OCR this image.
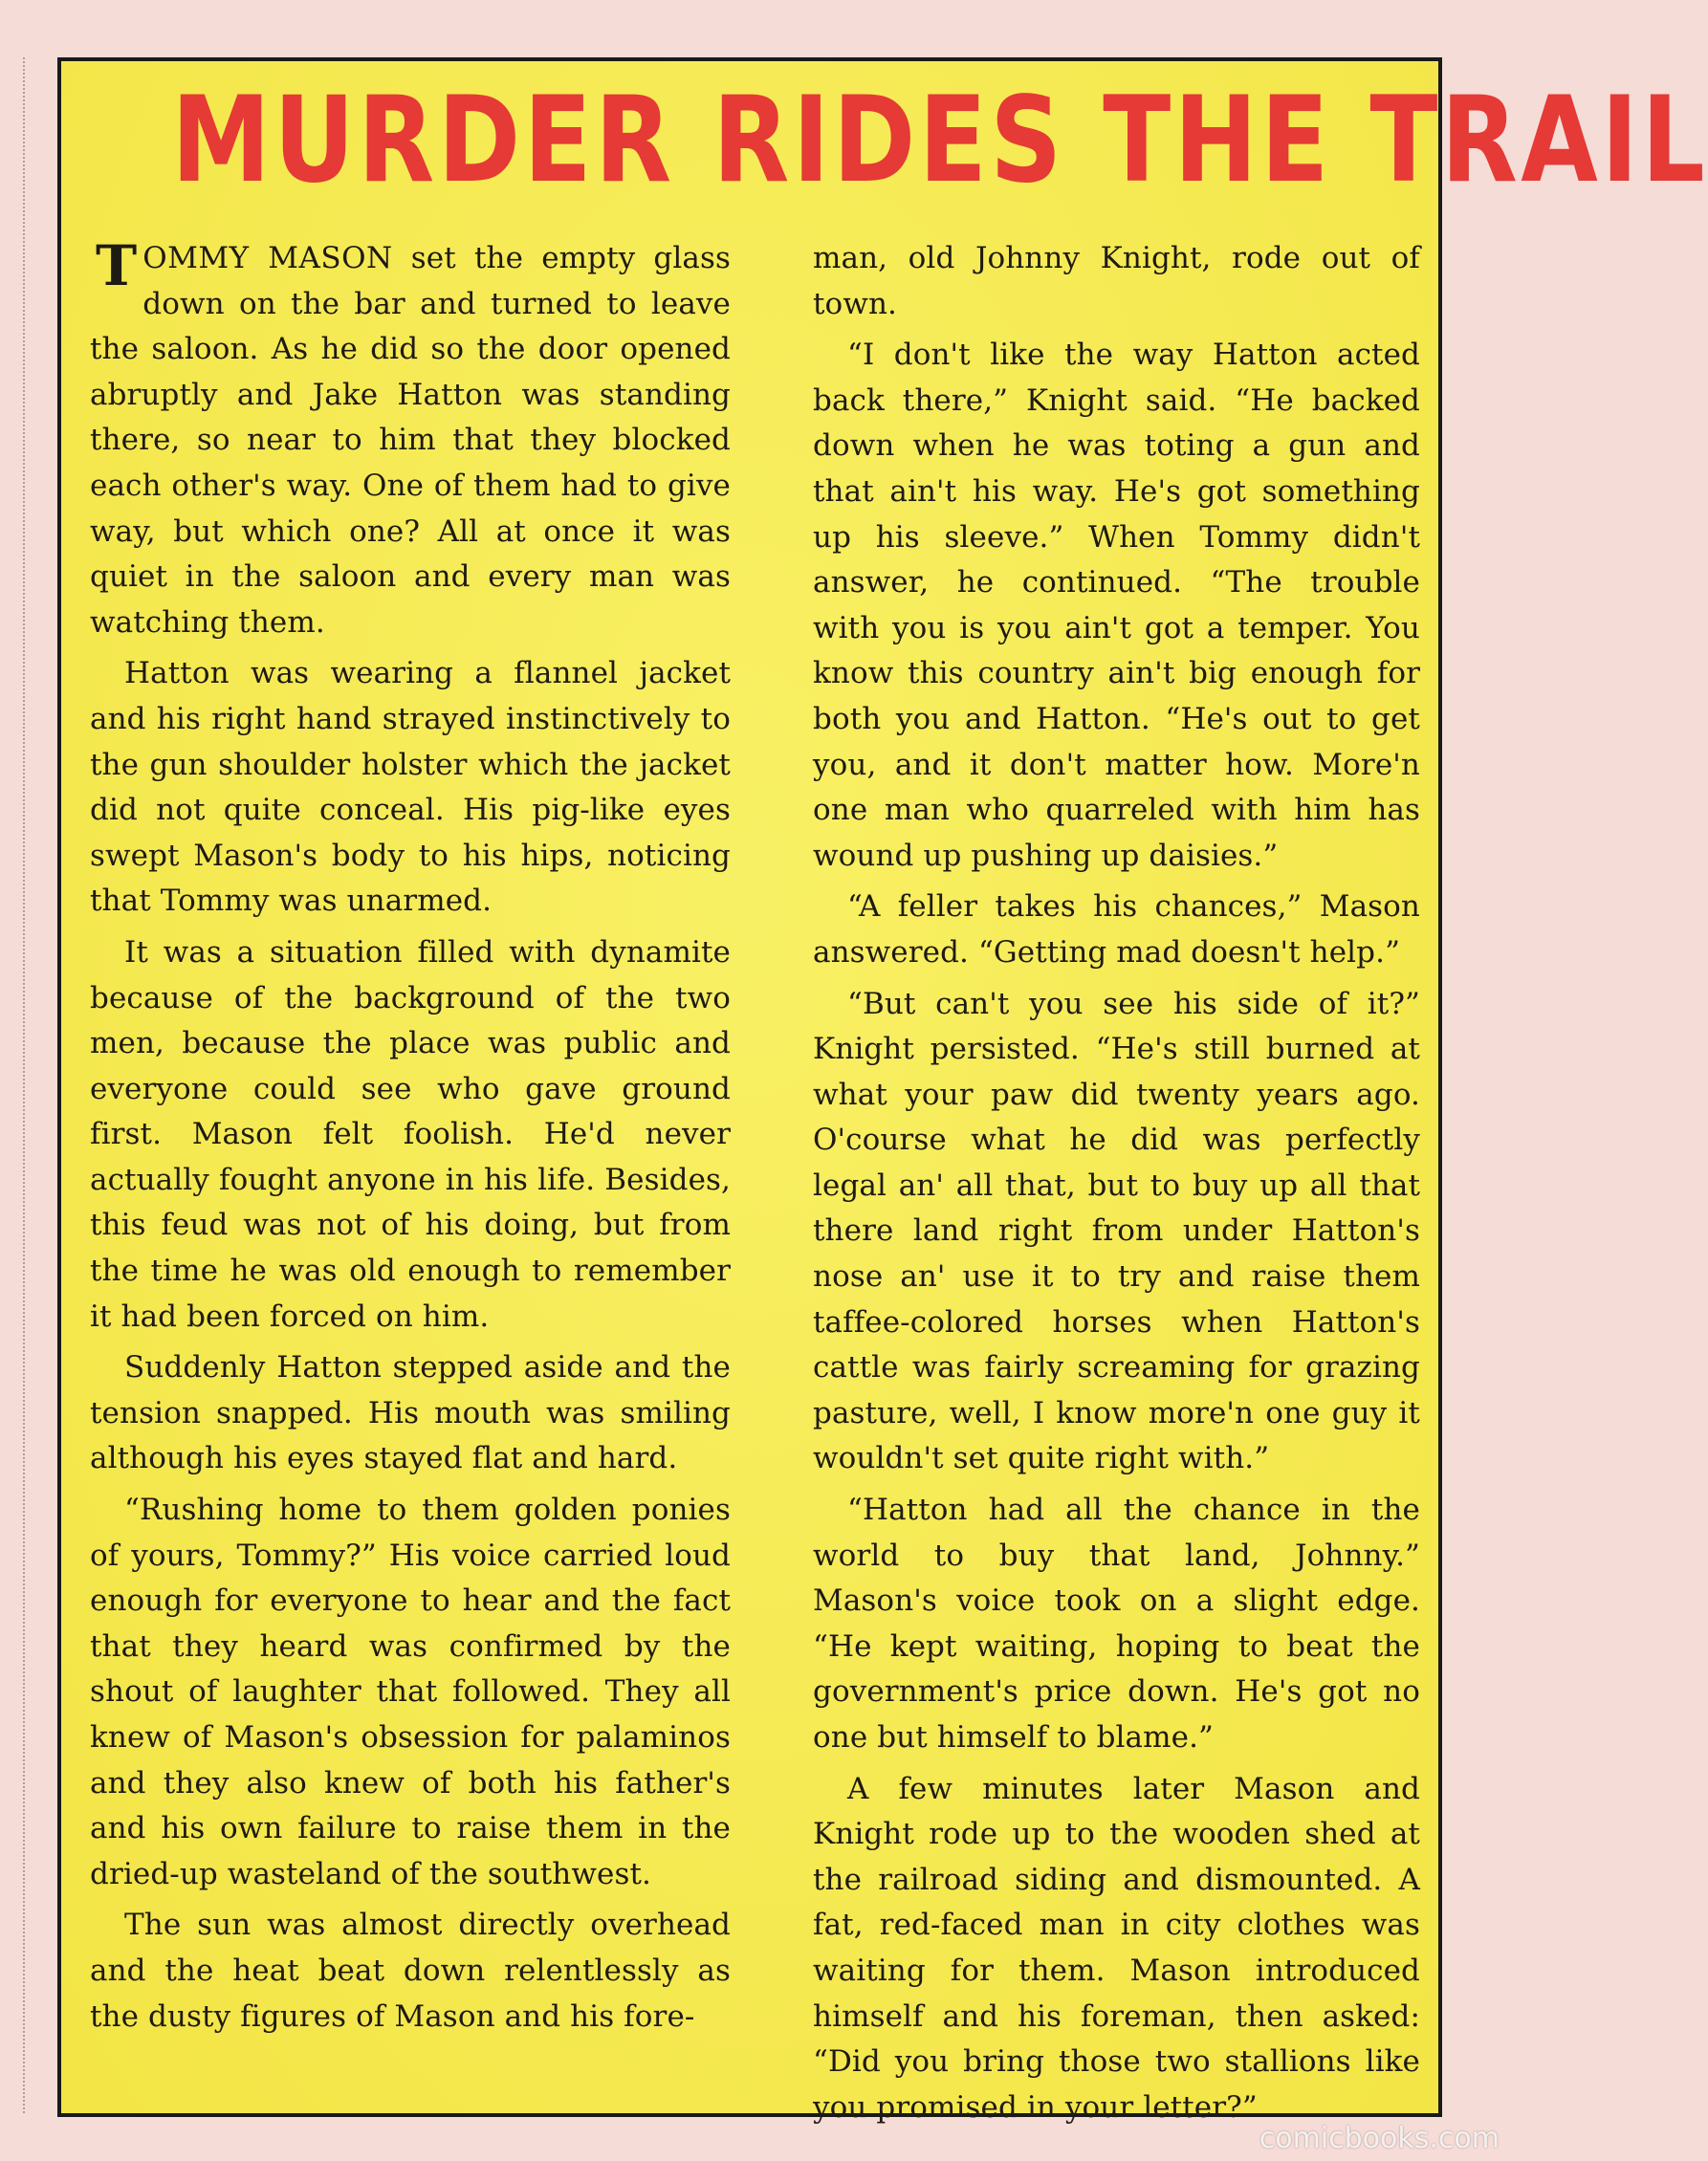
MURDER RIDES THE TRAIL

TOMMY MASON set the empty glass down on the bar and turned to leave the saloon. As he did so the door opened abruptly and Jake Hatton was standing there, so near to him that they blocked each other's way. One of them had to give way, but which one? All at once it was quiet in the saloon and every man was watching them.

Hatton was wearing a flannel jacket and his right hand strayed instinctively to the gun shoulder holster which the jacket did not quite conceal. His pig-like eyes swept Mason's body to his hips, noticing that Tommy was unarmed.

It was a situation filled with dynamite because of the background of the two men, because the place was public and everyone could see who gave ground first. Mason felt foolish. He'd never actually fought anyone in his life. Besides, this feud was not of his doing, but from the time he was old enough to remember it had been forced on him.

Suddenly Hatton stepped aside and the tension snapped. His mouth was smiling although his eyes stayed flat and hard.

“Rushing home to them golden ponies of yours, Tommy?” His voice carried loud enough for everyone to hear and the fact that they heard was confirmed by the shout of laughter that followed. They all knew of Mason's obsession for palaminos and they also knew of both his father's and his own failure to raise them in the dried-up wasteland of the southwest.

The sun was almost directly overhead and the heat beat down relentlessly as the dusty figures of Mason and his fore-

man, old Johnny Knight, rode out of town.

“I don't like the way Hatton acted back there,” Knight said. “He backed down when he was toting a gun and that ain't his way. He's got something up his sleeve.” When Tommy didn't answer, he continued. “The trouble with you is you ain't got a temper. You know this country ain't big enough for both you and Hatton. “He's out to get you, and it don't matter how. More'n one man who quarreled with him has wound up pushing up daisies.”

“A feller takes his chances,” Mason answered. “Getting mad doesn't help.”

“But can't you see his side of it?” Knight persisted. “He's still burned at what your paw did twenty years ago. O'course what he did was perfectly legal an' all that, but to buy up all that there land right from under Hatton's nose an' use it to try and raise them taffee-colored horses when Hatton's cattle was fairly screaming for grazing pasture, well, I know more'n one guy it wouldn't set quite right with.”

“Hatton had all the chance in the world to buy that land, Johnny.” Mason's voice took on a slight edge. “He kept waiting, hoping to beat the government's price down. He's got no one but himself to blame.”

A few minutes later Mason and Knight rode up to the wooden shed at the railroad siding and dismounted. A fat, red-faced man in city clothes was waiting for them. Mason introduced himself and his foreman, then asked: “Did you bring those two stallions like you promised in your letter?”

comicbooks.com
